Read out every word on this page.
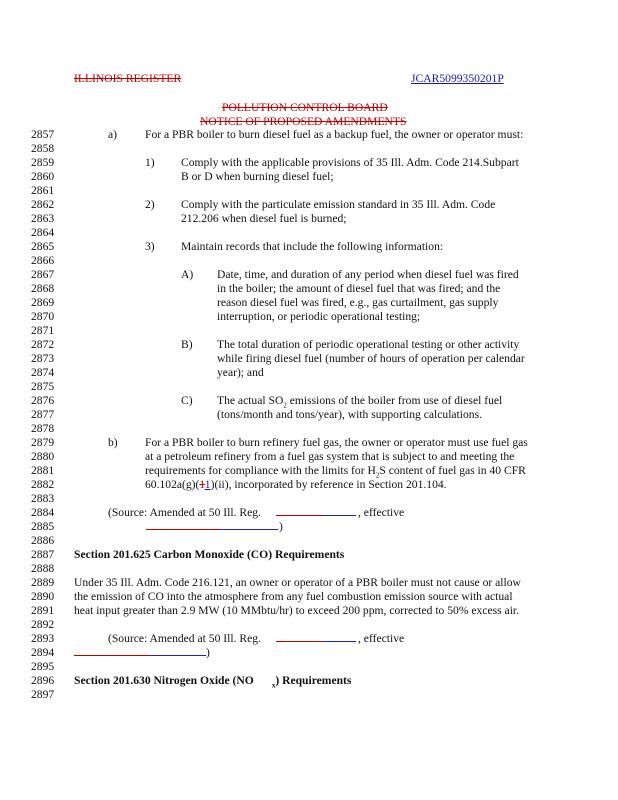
ILLINOIS REGISTER	JCAR5099350201P
POLLUTION CONTROL BOARD
NOTICE OF PROPOSED AMENDMENTS
2857
2858
2859
2860
2861
2862
2863
2864
2865
2866
2867
2868
2869
2870
2871
2872
2873
2874
2875
2876
2877
2878
2879
2880
2881
2882
2883
2884
2885
2886
2887
2888
2889
2890
2891
2892
2893
2894
2895
2896
2897
a) For a PBR boiler to burn diesel fuel as a backup fuel, the owner or operator must:
1) Comply with the applicable provisions of 35 Ill. Adm. Code 214.Subpart
B or D when burning diesel fuel;
2) Comply with the particulate emission standard in 35 Ill. Adm. Code
212.206 when diesel fuel is burned;
3) Maintain records that include the following information:
A) Date, time, and duration of any period when diesel fuel was fired
in the boiler; the amount of diesel fuel that was fired; and the
reason diesel fuel was fired, e.g., gas curtailment, gas supply
interruption, or periodic operational testing;
B) The total duration of periodic operational testing or other activity
while firing diesel fuel (number of hours of operation per calendar
year); and
C) The actual $SO_2$ emissions of the boiler from use of diesel fuel
(tons/month and tons/year), with supporting calculations.
b) For a PBR boiler to burn refinery fuel gas, the owner or operator must use fuel gas
at a petroleum refinery from a fuel gas system that is subject to and meeting the
requirements for compliance with the limits for $H_2S$ content of fuel gas in 40 CFR
60.102a(g)(11)(ii), incorporated by reference in Section 201.104.
(Source: Amended at 50 Ill. Reg.	, effective
)
Section 201.625 Carbon Monoxide (CO) Requirements
Under 35 Ill. Adm. Code 216.121, an owner or operator of a PBR boiler must not cause or allow
the emission of CO into the atmosphere from any fuel combustion emission source with actual
heat input greater than 2.9 MW (10 MMbtu/hr) to exceed 200 ppm, corrected to 50% excess air.
(Source: Amended at 50 Ill. Reg.	, effective
)
Section 201.630 Nitrogen Oxide (NO	$_x$) Requirements
